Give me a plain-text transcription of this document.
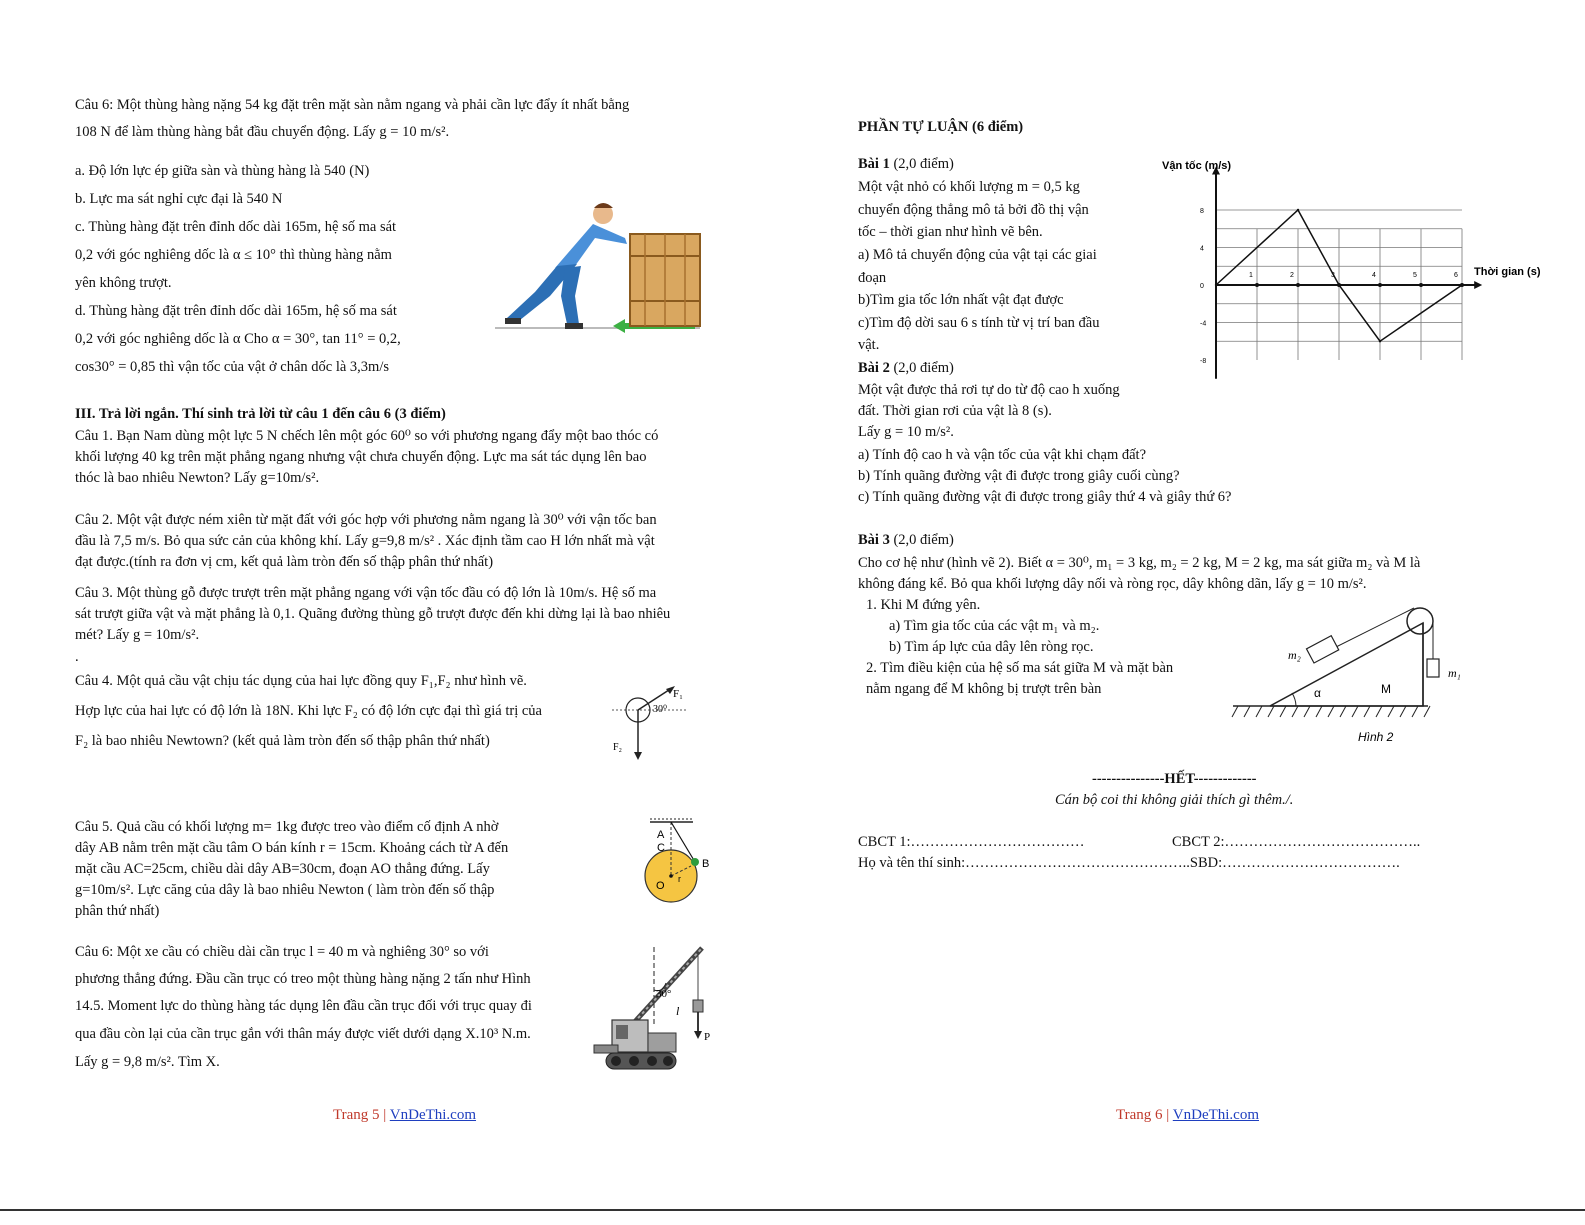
Câu 6: Một thùng hàng nặng 54 kg đặt trên mặt sàn nằm ngang và phải cần lực đẩy ít nhất bằng
108 N để làm thùng hàng bắt đầu chuyển động. Lấy g = 10 m/s².
a. Độ lớn lực ép giữa sàn và thùng hàng là 540 (N)
b. Lực ma sát nghỉ cực đại là 540 N
c. Thùng hàng đặt trên đỉnh dốc dài 165m, hệ số ma sát
0,2 với góc nghiêng dốc là α ≤ 10° thì thùng hàng nằm
yên không trượt.
d. Thùng hàng đặt trên đỉnh dốc dài 165m, hệ số ma sát
0,2 với góc nghiêng dốc là α Cho α = 30°, tan 11° = 0,2,
cos30° = 0,85 thì vận tốc của vật ở chân dốc là 3,3m/s
III. Trả lời ngắn. Thí sinh trả lời từ câu 1 đến câu 6 (3 điểm)
Câu 1. Bạn Nam dùng một lực 5 N chếch lên một góc 60⁰ so với phương ngang đẩy một bao thóc có
khối lượng 40 kg trên mặt phẳng ngang nhưng vật chưa chuyển động. Lực ma sát tác dụng lên bao
thóc là bao nhiêu Newton? Lấy g=10m/s².
Câu 2. Một vật được ném xiên từ mặt đất với góc hợp với phương nằm ngang là 30⁰ với vận tốc ban
đầu là 7,5 m/s. Bỏ qua sức cản của không khí. Lấy g=9,8 m/s² . Xác định tầm cao H lớn nhất mà vật
đạt được.(tính ra đơn vị cm, kết quả làm tròn đến số thập phân thứ nhất)
Câu 3. Một thùng gỗ được trượt trên mặt phẳng ngang với vận tốc đầu có độ lớn là 10m/s. Hệ số ma
sát trượt giữa vật và mặt phẳng là 0,1. Quãng đường thùng gỗ trượt được đến khi dừng lại là bao nhiêu
mét? Lấy g = 10m/s².
.
Câu 4. Một quả cầu vật chịu tác dụng của hai lực đồng quy F₁,F₂ như hình vẽ.
Hợp lực của hai lực có độ lớn là 18N. Khi lực F₂ có độ lớn cực đại thì giá trị của
F₂ là bao nhiêu Newtown? (kết quả làm tròn đến số thập phân thứ nhất)
F₁
30⁰
F₂
Câu 5. Quả cầu có khối lượng m= 1kg được treo vào điểm cố định A nhờ
dây AB nằm trên mặt cầu tâm O bán kính r = 15cm. Khoảng cách từ A đến
mặt cầu AC=25cm, chiều dài dây AB=30cm, đoạn AO thẳng đứng. Lấy
g=10m/s². Lực căng của dây là bao nhiêu Newton ( làm tròn đến số thập
phân thứ nhất)
A
C
B
O
r
Câu 6: Một xe cầu có chiều dài cần trục l = 40 m và nghiêng 30° so với
phương thẳng đứng. Đầu cần trục có treo một thùng hàng nặng 2 tấn như Hình
14.5. Moment lực do thùng hàng tác dụng lên đầu cần trục đối với trục quay đi
qua đầu còn lại của cần trục gắn với thân máy được viết dưới dạng X.10³ N.m.
Lấy g = 9,8 m/s². Tìm X.
30°
l
P
Trang 5 | VnDeThi.com
PHẦN TỰ LUẬN (6 điểm)
Bài 1 (2,0 điểm)
Một vật nhỏ có khối lượng m = 0,5 kg
chuyển động thẳng mô tả bởi đồ thị vận
tốc – thời gian như hình vẽ bên.
a) Mô tả chuyển động của vật tại các giai
đoạn
b)Tìm gia tốc lớn nhất vật đạt được
c)Tìm độ dời sau 6 s tính từ vị trí ban đầu
vật.
8
4
0
-4
-8
1	2	3	4	5	6
Vận tốc (m/s)
Thời gian (s)
Bài 2 (2,0 điểm)
Một vật được thả rơi tự do từ độ cao h xuống
đất. Thời gian rơi của vật là 8 (s).
Lấy g = 10 m/s².
a) Tính độ cao h và vận tốc của vật khi chạm đất?
b) Tính quãng đường vật đi được trong giây cuối cùng?
c) Tính quãng đường vật đi được trong giây thứ 4 và giây thứ 6?
Bài 3 (2,0 điểm)
Cho cơ hệ như (hình vẽ 2). Biết α = 30⁰, m₁ = 3 kg, m₂ = 2 kg, M = 2 kg, ma sát giữa m₂ và M là
không đáng kể. Bỏ qua khối lượng dây nối và ròng rọc, dây không dãn, lấy g = 10 m/s².
1. Khi M đứng yên.
a) Tìm gia tốc của các vật m₁ và m₂.
b) Tìm áp lực của dây lên ròng rọc.
2. Tìm điều kiện của hệ số ma sát giữa M và mặt bàn
nằm ngang để M không bị trượt trên bàn
m₂
m₁
α	M
Hình 2
---------------HẾT-------------
Cán bộ coi thi không giải thích gì thêm./.
CBCT 1:………………………………	CBCT 2:…………………………………..
Họ và tên thí sinh:………………………………………..SBD:……………………………….
Trang 6 | VnDeThi.com
